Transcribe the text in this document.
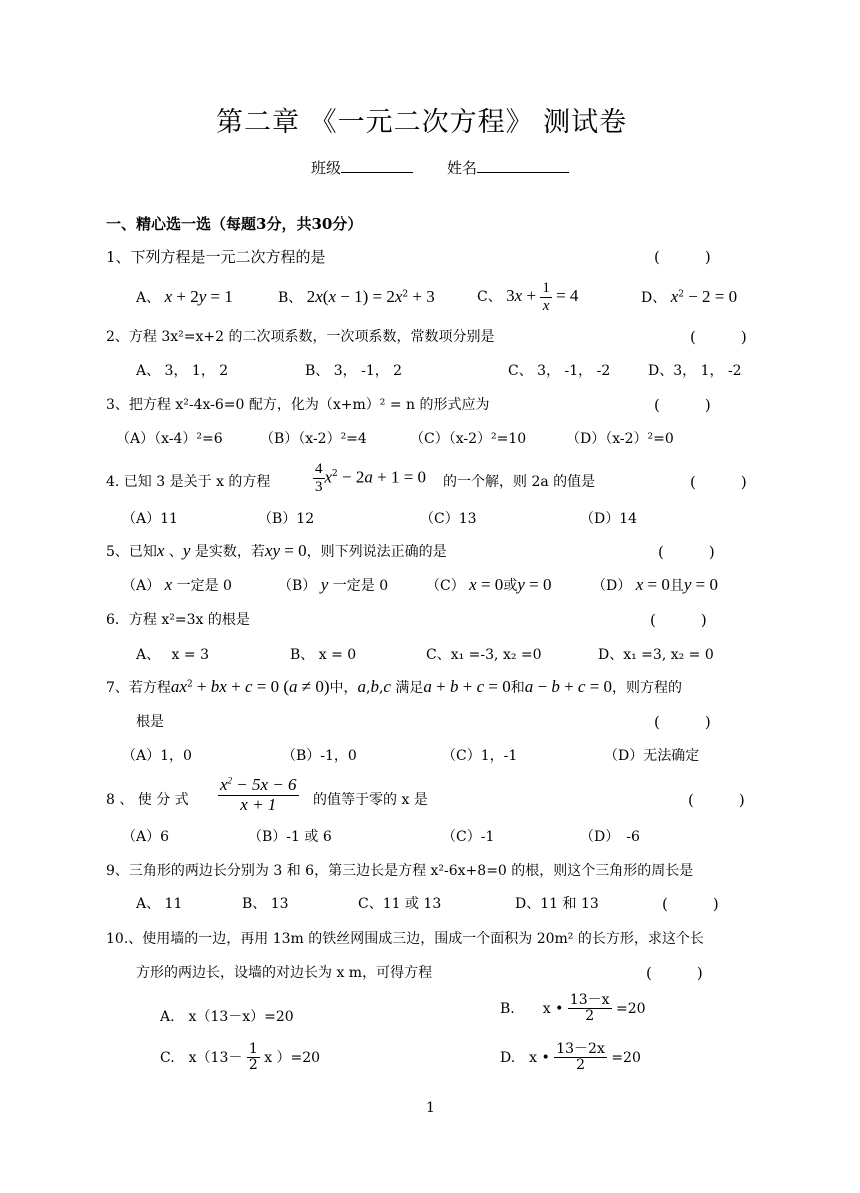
第二章 《一元二次方程》 测试卷
班级	姓名
一、精心选一选（每题3分，共30分）
1、下列方程是一元二次方程的是	(　　　)
A、 x + 2y = 1	B、 $2x(x - 1) = 2x^2 + 3$	C、 $3x + \frac{1}{x} = 4$	D、 $x^2 - 2 = 0$
2、方程 3x²=x+2 的二次项系数，一次项系数，常数项分别是	(　　　)
A、 3， 1， 2	B、 3， -1， 2	C、 3， -1， -2	D、3， 1， -2
3、把方程 x²-4x-6=0 配方，化为（x+m）² = n 的形式应为	(　　　)
（A）（x-4）²=6	（B）（x-2）²=4	（C）（x-2）²=10	（D）（x-2）²=0
4. 已知 3 是关于 x 的方程	$\frac{4}{3} x^2 - 2a + 1 = 0$ 的一个解，则 2a 的值是	(　　　)
（A）11	（B）12	（C）13	（D）14
5、已知x 、y 是实数，若xy = 0，则下列说法正确的是	(　　　)
（A） x 一定是 0	（B） y 一定是 0	（C） x = 0或y = 0	（D） x = 0且y = 0
6．方程 x²=3x 的根是	(　　　)
A、　 x = 3	B、 x = 0	C、x₁ =-3, x₂ =0	D、x₁ =3, x₂ = 0
7、若方程$ax^2$ + bx + c = 0 (a ≠ 0)中，a,b,c 满足a + b + c = 0和a − b + c = 0，则方程的
根是	(　　　)
（A）1，0	（B）-1，0	（C）1，-1	（D）无法确定
8 、 使 分 式 $\frac{x^2 - 5x - 6}{x + 1}$ 的值等于零的 x 是	(　　　)
（A）6	（B）-1 或 6	（C）-1	（D）　-6
9、三角形的两边长分别为 3 和 6，第三边长是方程 x²-6x+8=0 的根，则这个三角形的周长是
A、 11	B、 13	C、11 或 13	D、11 和 13	(　　　)
10.、使用墙的一边，再用 13m 的铁丝网围成三边，围成一个面积为 20m² 的长方形，求这个长
方形的两边长，设墙的对边长为 x m，可得方程	(　　　)
A.　x（13－x）=20
B.　　x • $\frac{13-x}{2} =20$
C.　$x(13- \frac{1}{2}$ x ）=20	D.　x • $\frac{13-2x}{2} =20$
1
